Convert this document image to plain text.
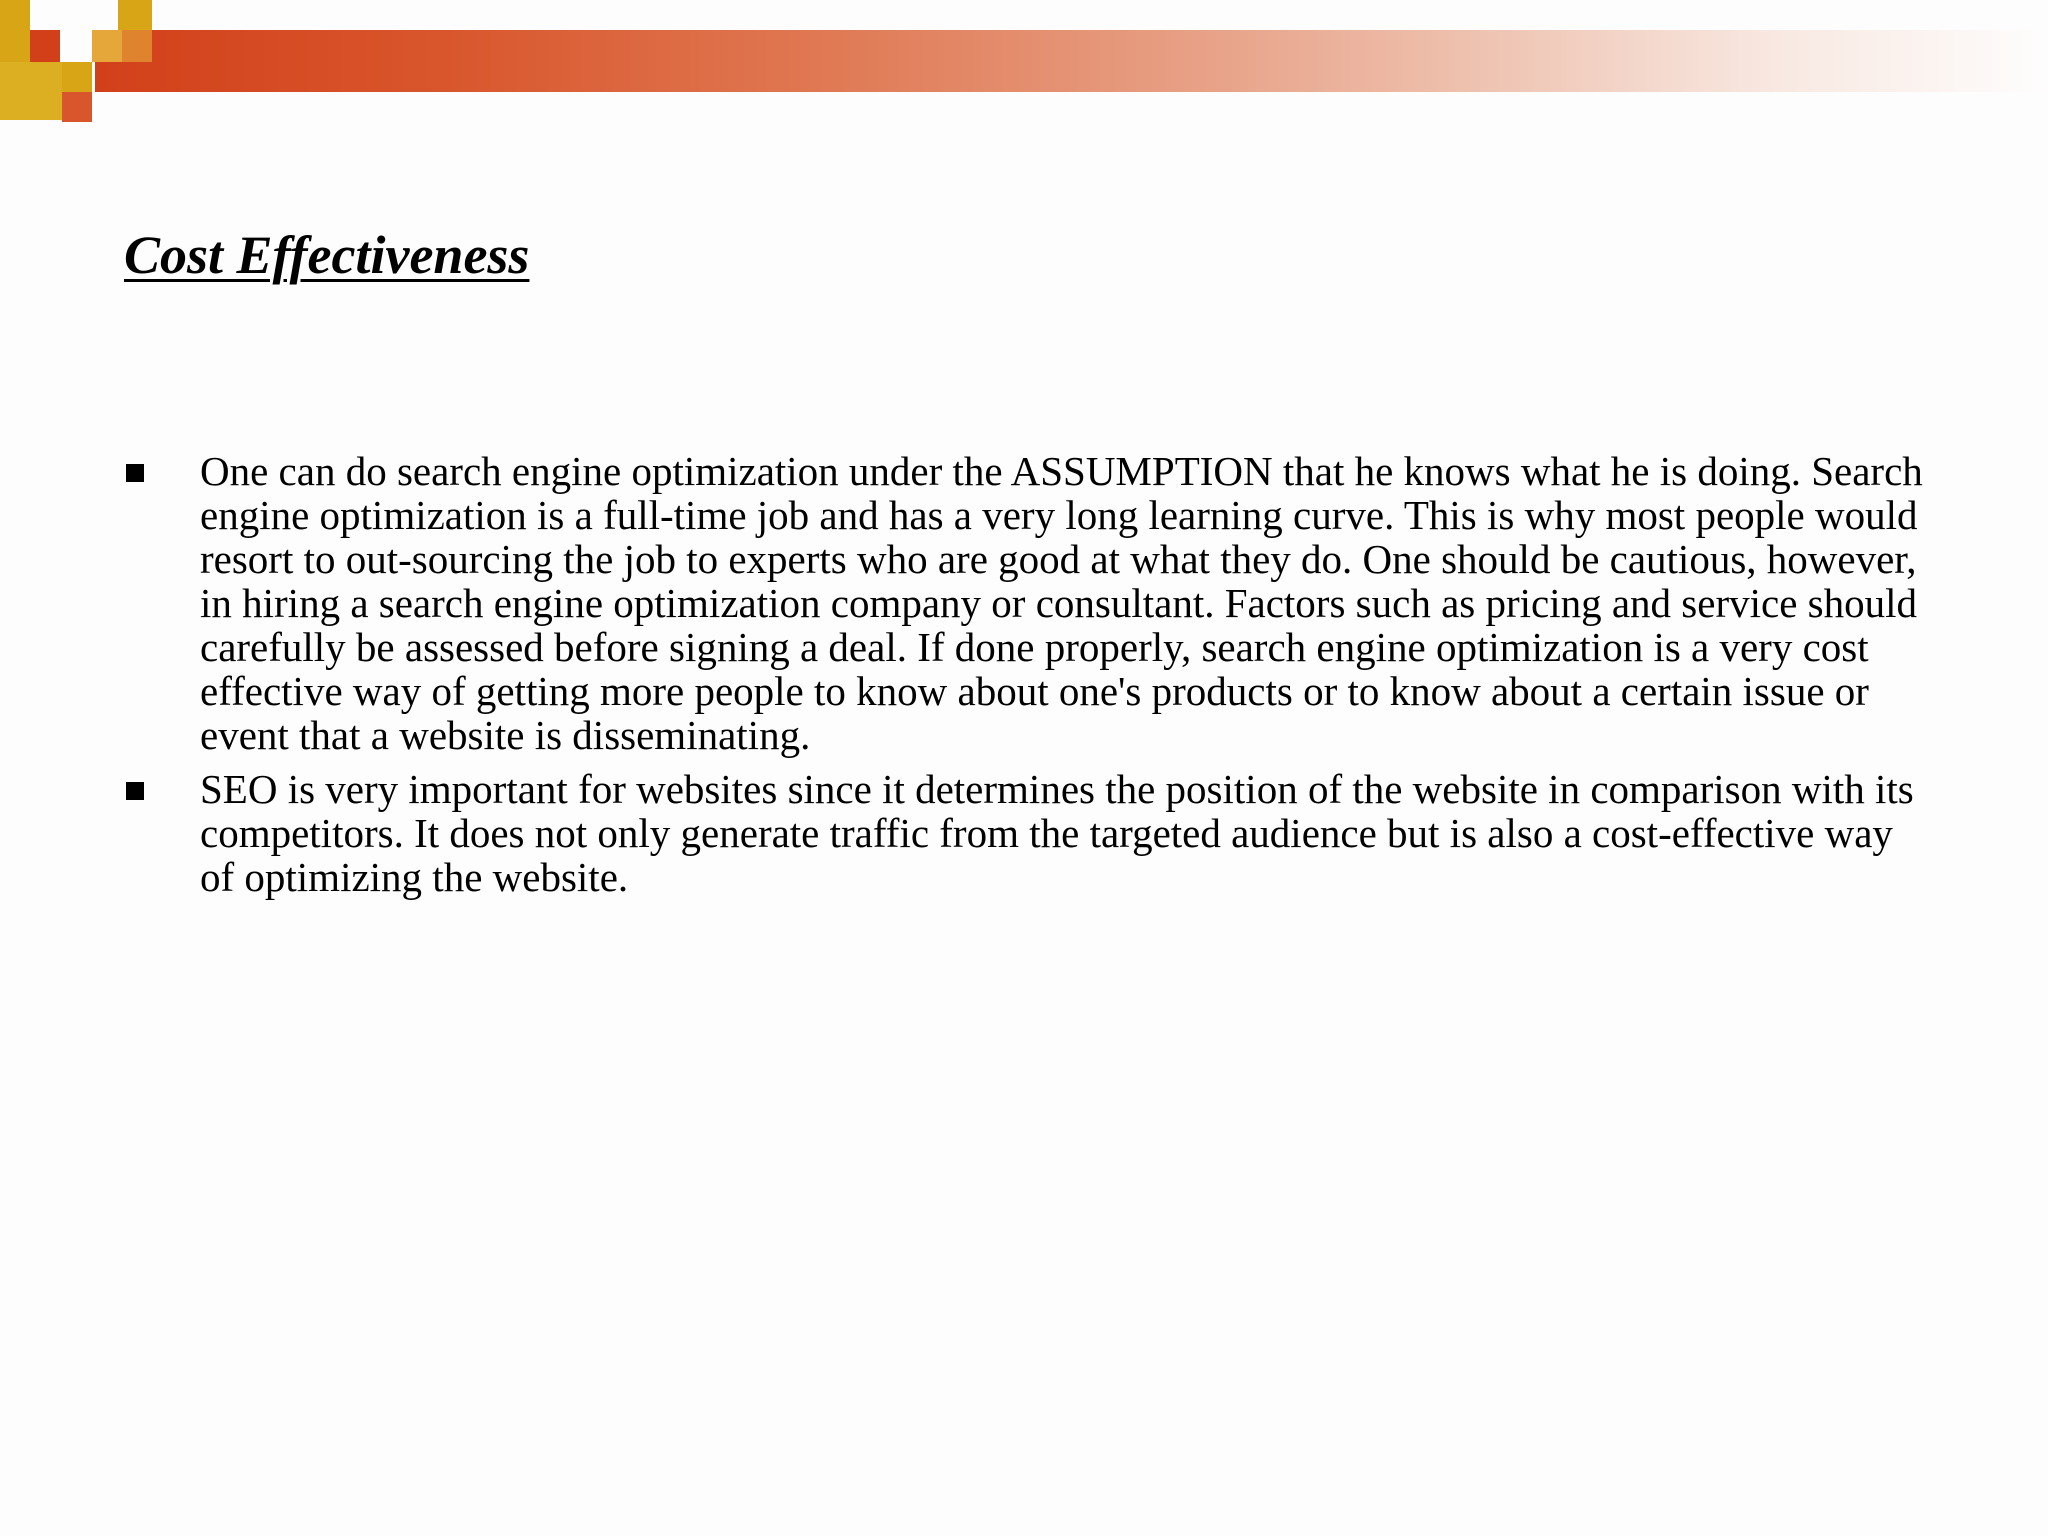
Cost Effectiveness
One can do search engine optimization under the ASSUMPTION that he knows what he is doing. Search engine optimization is a full-time job and has a very long learning curve. This is why most people would resort to out-sourcing the job to experts who are good at what they do. One should be cautious, however, in hiring a search engine optimization company or consultant. Factors such as pricing and service should carefully be assessed before signing a deal. If done properly, search engine optimization is a very cost effective way of getting more people to know about one's products or to know about a certain issue or event that a website is disseminating.
SEO is very important for websites since it determines the position of the website in comparison with its competitors. It does not only generate traffic from the targeted audience but is also a cost-effective way of optimizing the website.
